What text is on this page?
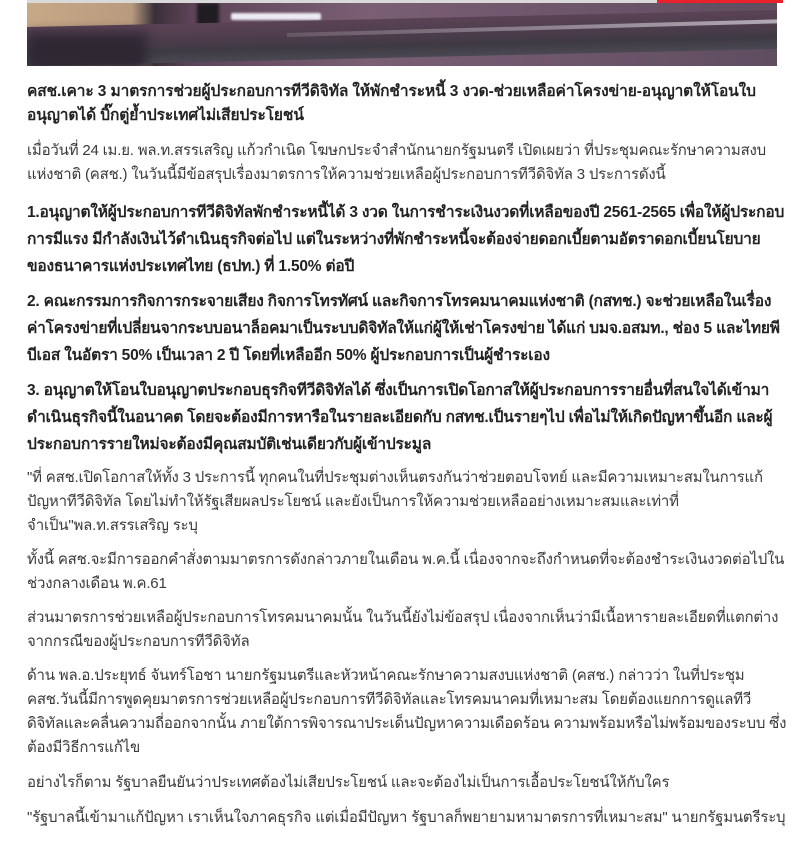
คสช.เคาะ 3 มาตรการช่วยผู้ประกอบการทีวีดิจิทัล ให้พักชำระหนี้ 3 งวด-ช่วยเหลือค่าโครงข่าย-อนุญาตให้โอนใบอนุญาตได้ บิ๊กตู่ย้ำประเทศไม่เสียประโยชน์

เมื่อวันที่ 24 เม.ย. พล.ท.สรรเสริญ แก้วกำเนิด โฆษกประจำสำนักนายกรัฐมนตรี เปิดเผยว่า ที่ประชุมคณะรักษาความสงบแห่งชาติ (คสช.) ในวันนี้มีข้อสรุปเรื่องมาตรการให้ความช่วยเหลือผู้ประกอบการทีวีดิจิทัล 3 ประการดังนี้

1.อนุญาตให้ผู้ประกอบการทีวีดิจิทัลพักชำระหนี้ได้ 3 งวด ในการชำระเงินงวดที่เหลือของปี 2561-2565 เพื่อให้ผู้ประกอบการมีแรง มีกำลังเงินไว้ดำเนินธุรกิจต่อไป แต่ในระหว่างที่พักชำระหนี้จะต้องจ่ายดอกเบี้ยตามอัตราดอกเบี้ยนโยบายของธนาคารแห่งประเทศไทย (ธปท.) ที่ 1.50% ต่อปี

2. คณะกรรมการกิจการกระจายเสียง กิจการโทรทัศน์ และกิจการโทรคมนาคมแห่งชาติ (กสทช.) จะช่วยเหลือในเรื่องค่าโครงข่ายที่เปลี่ยนจากระบบอนาล็อคมาเป็นระบบดิจิทัลให้แก่ผู้ให้เช่าโครงข่าย ได้แก่ บมจ.อสมท., ช่อง 5 และไทยพีบีเอส ในอัตรา 50% เป็นเวลา 2 ปี โดยที่เหลืออีก 50% ผู้ประกอบการเป็นผู้ชำระเอง

3. อนุญาตให้โอนใบอนุญาตประกอบธุรกิจทีวีดิจิทัลได้ ซึ่งเป็นการเปิดโอกาสให้ผู้ประกอบการรายอื่นที่สนใจได้เข้ามาดำเนินธุรกิจนี้ในอนาคต โดยจะต้องมีการหารือในรายละเอียดกับ กสทช.เป็นรายๆไป เพื่อไม่ให้เกิดปัญหาขึ้นอีก และผู้ประกอบการรายใหม่จะต้องมีคุณสมบัติเช่นเดียวกับผู้เข้าประมูล

"ที่ คสช.เปิดโอกาสให้ทั้ง 3 ประการนี้ ทุกคนในที่ประชุมต่างเห็นตรงกันว่าช่วยตอบโจทย์ และมีความเหมาะสมในการแก้ปัญหาทีวีดิจิทัล โดยไม่ทำให้รัฐเสียผลประโยชน์ และยังเป็นการให้ความช่วยเหลืออย่างเหมาะสมและเท่าที่จำเป็น"พล.ท.สรรเสริญ ระบุ

ทั้งนี้ คสช.จะมีการออกคำสั่งตามมาตรการดังกล่าวภายในเดือน พ.ค.นี้ เนื่องจากจะถึงกำหนดที่จะต้องชำระเงินงวดต่อไปในช่วงกลางเดือน พ.ค.61

ส่วนมาตรการช่วยเหลือผู้ประกอบการโทรคมนาคมนั้น ในวันนี้ยังไม่ข้อสรุป เนื่องจากเห็นว่ามีเนื้อหารายละเอียดที่แตกต่างจากกรณีของผู้ประกอบการทีวีดิจิทัล

ด้าน พล.อ.ประยุทธ์ จันทร์โอชา นายกรัฐมนตรีและหัวหน้าคณะรักษาความสงบแห่งชาติ (คสช.) กล่าวว่า ในที่ประชุม คสช.วันนี้มีการพูดคุยมาตรการช่วยเหลือผู้ประกอบการทีวีดิจิทัลและโทรคมนาคมที่เหมาะสม โดยต้องแยกการดูแลทีวีดิจิทัลและคลื่นความถี่ออกจากนั้น ภายใต้การพิจารณาประเด็นปัญหาความเดือดร้อน ความพร้อมหรือไม่พร้อมของระบบ ซึ่งต้องมีวิธีการแก้ไข

อย่างไรก็ตาม รัฐบาลยืนยันว่าประเทศต้องไม่เสียประโยชน์ และจะต้องไม่เป็นการเอื้อประโยชน์ให้กับใคร

"รัฐบาลนี้เข้ามาแก้ปัญหา เราเห็นใจภาคธุรกิจ แต่เมื่อมีปัญหา รัฐบาลก็พยายามหามาตรการที่เหมาะสม" นายกรัฐมนตรีระบุ
